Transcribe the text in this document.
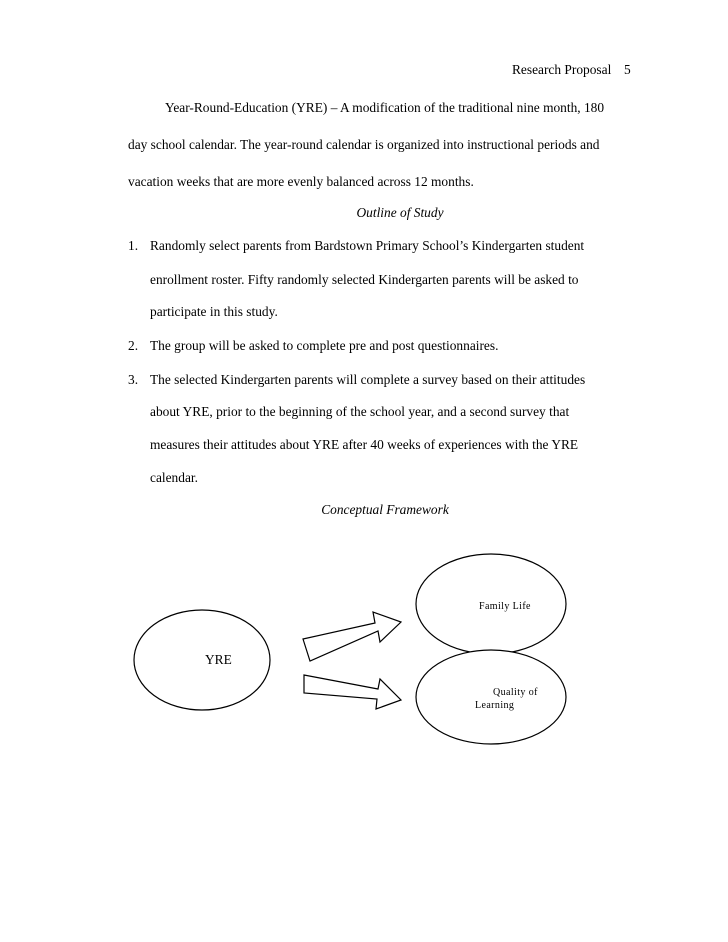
Research Proposal 5
Year-Round-Education (YRE) – A modification of the traditional nine month, 180
day school calendar. The year-round calendar is organized into instructional periods and
vacation weeks that are more evenly balanced across 12 months.
Outline of Study
1. Randomly select parents from Bardstown Primary School’s Kindergarten student
enrollment roster. Fifty randomly selected Kindergarten parents will be asked to
participate in this study.
2. The group will be asked to complete pre and post questionnaires.
3. The selected Kindergarten parents will complete a survey based on their attitudes
about YRE, prior to the beginning of the school year, and a second survey that
measures their attitudes about YRE after 40 weeks of experiences with the YRE
calendar.
Conceptual Framework
YRE
Family Life
Quality of
Learning
